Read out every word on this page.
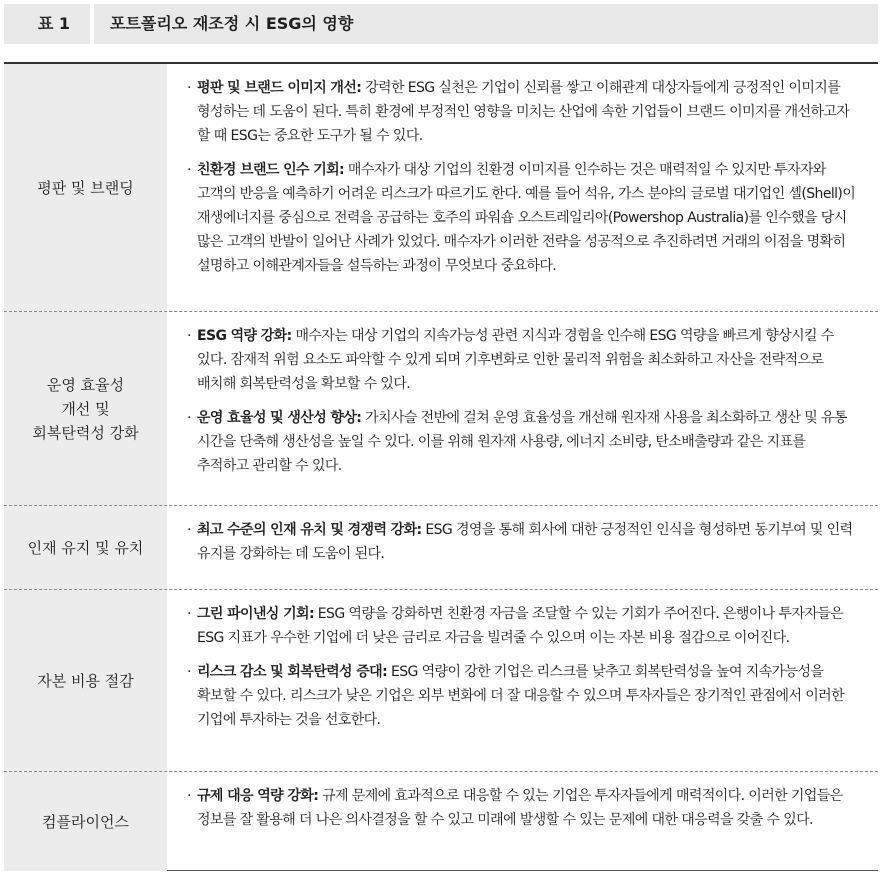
표 1	포트폴리오 재조정 시 ESG의 영향
평판 및 브랜딩
· 평판 및 브랜드 이미지 개선: 강력한 ESG 실천은 기업이 신뢰를 쌓고 이해관계 대상자들에게 긍정적인 이미지를 형성하는 데 도움이 된다. 특히 환경에 부정적인 영향을 미치는 산업에 속한 기업들이 브랜드 이미지를 개선하고자 할 때 ESG는 중요한 도구가 될 수 있다.
· 친환경 브랜드 인수 기회: 매수자가 대상 기업의 친환경 이미지를 인수하는 것은 매력적일 수 있지만 투자자와 고객의 반응을 예측하기 어려운 리스크가 따르기도 한다. 예를 들어 석유, 가스 분야의 글로벌 대기업인 셸(Shell)이 재생에너지를 중심으로 전력을 공급하는 호주의 파워숍 오스트레일리아(Powershop Australia)를 인수했을 당시 많은 고객의 반발이 일어난 사례가 있었다. 매수자가 이러한 전략을 성공적으로 추진하려면 거래의 이점을 명확히 설명하고 이해관계자들을 설득하는 과정이 무엇보다 중요하다.
운영 효율성
개선 및
회복탄력성 강화
· ESG 역량 강화: 매수자는 대상 기업의 지속가능성 관련 지식과 경험을 인수해 ESG 역량을 빠르게 향상시킬 수 있다. 잠재적 위험 요소도 파악할 수 있게 되며 기후변화로 인한 물리적 위험을 최소화하고 자산을 전략적으로 배치해 회복탄력성을 확보할 수 있다.
· 운영 효율성 및 생산성 향상: 가치사슬 전반에 걸쳐 운영 효율성을 개선해 원자재 사용을 최소화하고 생산 및 유통 시간을 단축해 생산성을 높일 수 있다. 이를 위해 원자재 사용량, 에너지 소비량, 탄소배출량과 같은 지표를 추적하고 관리할 수 있다.
인재 유지 및 유치
· 최고 수준의 인재 유치 및 경쟁력 강화: ESG 경영을 통해 회사에 대한 긍정적인 인식을 형성하면 동기부여 및 인력 유지를 강화하는 데 도움이 된다.
자본 비용 절감
· 그린 파이낸싱 기회: ESG 역량을 강화하면 친환경 자금을 조달할 수 있는 기회가 주어진다. 은행이나 투자자들은 ESG 지표가 우수한 기업에 더 낮은 금리로 자금을 빌려줄 수 있으며 이는 자본 비용 절감으로 이어진다.
· 리스크 감소 및 회복탄력성 증대: ESG 역량이 강한 기업은 리스크를 낮추고 회복탄력성을 높여 지속가능성을 확보할 수 있다. 리스크가 낮은 기업은 외부 변화에 더 잘 대응할 수 있으며 투자자들은 장기적인 관점에서 이러한 기업에 투자하는 것을 선호한다.
컴플라이언스
· 규제 대응 역량 강화: 규제 문제에 효과적으로 대응할 수 있는 기업은 투자자들에게 매력적이다. 이러한 기업들은 정보를 잘 활용해 더 나은 의사결정을 할 수 있고 미래에 발생할 수 있는 문제에 대한 대응력을 갖출 수 있다.
